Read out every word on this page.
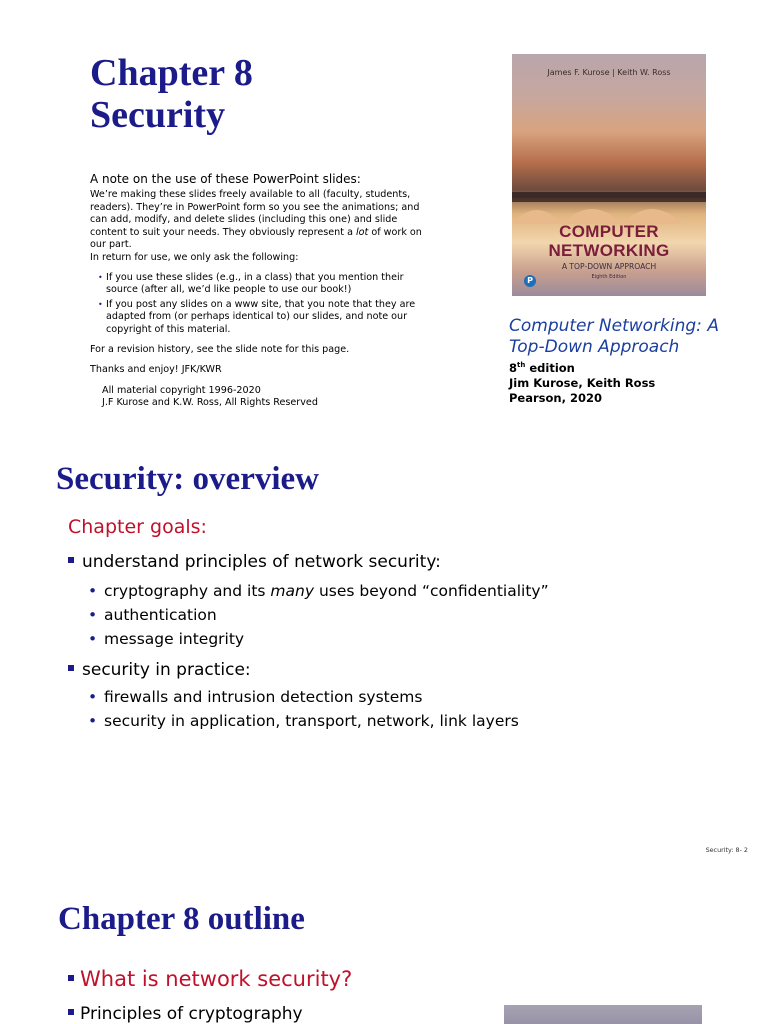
Chapter 8
Security
A note on the use of these PowerPoint slides:
We’re making these slides freely available to all (faculty, students, readers). They’re in PowerPoint form so you see the animations; and can add, modify, and delete slides (including this one) and slide content to suit your needs. They obviously represent a lot of work on our part.
In return for use, we only ask the following:
• If you use these slides (e.g., in a class) that you mention their source (after all, we’d like people to use our book!)
• If you post any slides on a www site, that you note that they are adapted from (or perhaps identical to) our slides, and note our copyright of this material.
For a revision history, see the slide note for this page.
Thanks and enjoy! JFK/KWR
All material copyright 1996-2020
J.F Kurose and K.W. Ross, All Rights Reserved
James F. Kurose | Keith W. Ross
COMPUTER
NETWORKING
A TOP-DOWN APPROACH
Eighth Edition
P
Computer Networking: A
Top-Down Approach
8th edition
Jim Kurose, Keith Ross
Pearson, 2020
Security: overview
Chapter goals:
understand principles of network security:
• cryptography and its many uses beyond “confidentiality”
• authentication
• message integrity
security in practice:
• firewalls and intrusion detection systems
• security in application, transport, network, link layers
Security: 8- 2
Chapter 8 outline
What is network security?
Principles of cryptography
